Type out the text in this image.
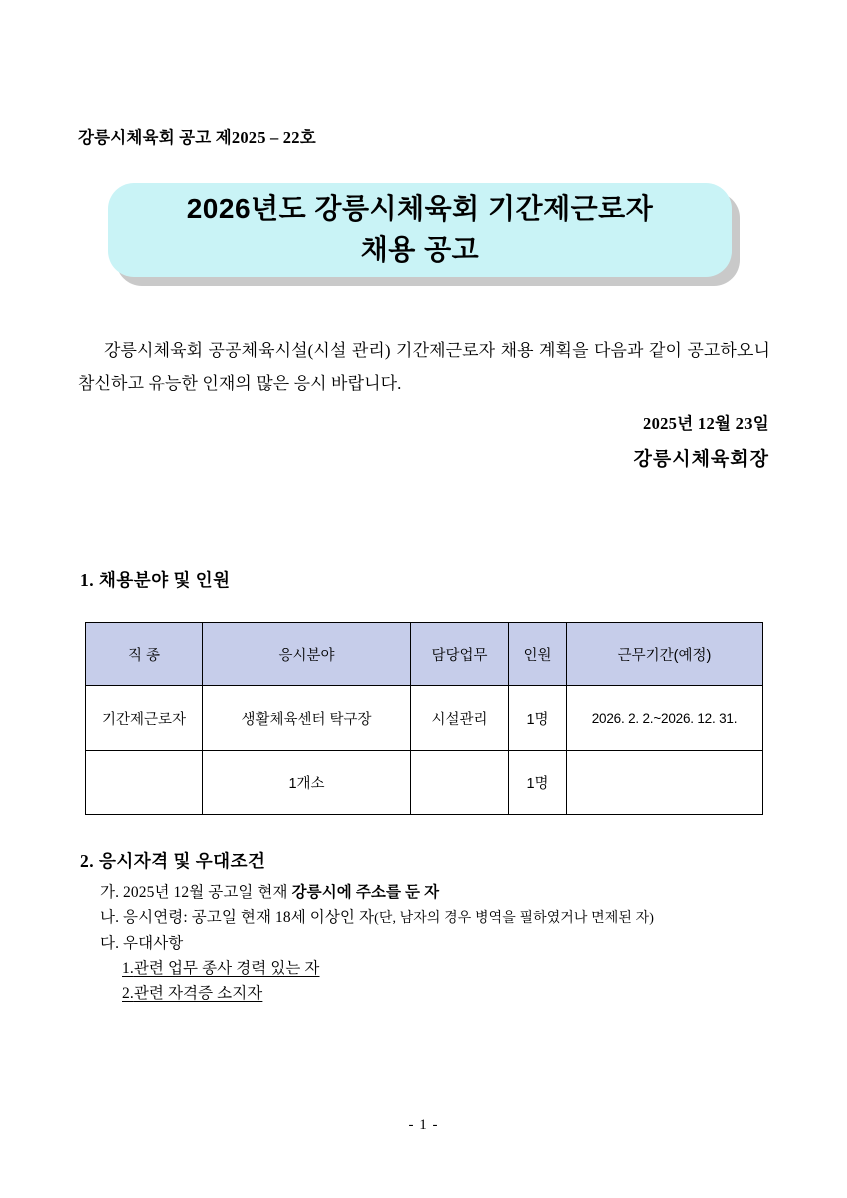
강릉시체육회 공고 제2025 – 22호
2026년도 강릉시체육회 기간제근로자
채용 공고
강릉시체육회 공공체육시설(시설 관리) 기간제근로자 채용 계획을 다음과 같이 공고하오니 참신하고 유능한 인재의 많은 응시 바랍니다.
2025년 12월 23일
강릉시체육회장
1. 채용분야 및 인원
직 종	응시분야	담당업무	인원	근무기간(예정)
기간제근로자	생활체육센터 탁구장	시설관리	1명	2026. 2. 2.~2026. 12. 31.
	1개소		1명	
2. 응시자격 및 우대조건
가. 2025년 12월 공고일 현재 강릉시에 주소를 둔 자
나. 응시연령: 공고일 현재 18세 이상인 자(단, 남자의 경우 병역을 필하였거나 면제된 자)
다. 우대사항
1.관련 업무 종사 경력 있는 자
2.관련 자격증 소지자
- 1 -
